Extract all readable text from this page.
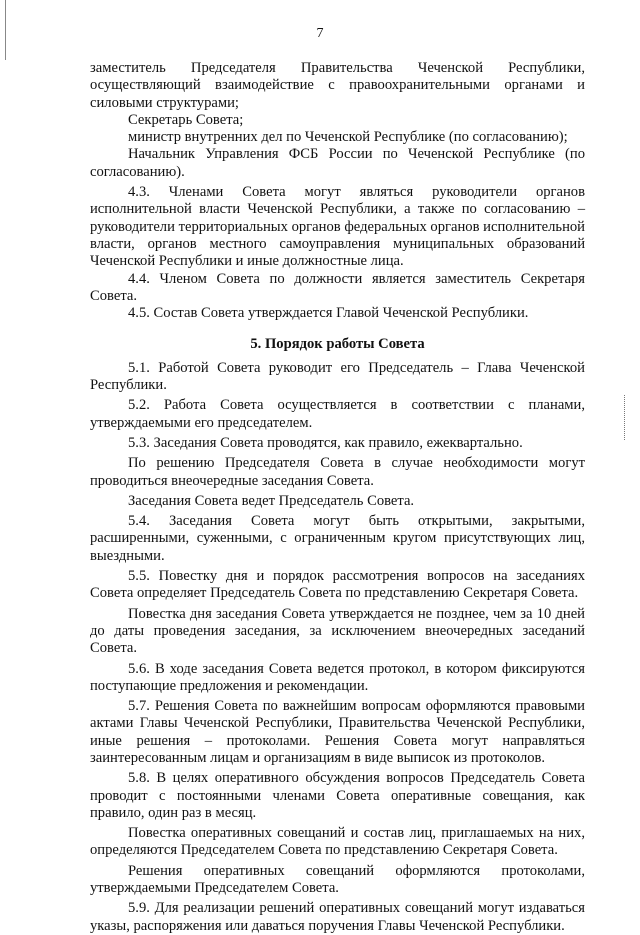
7

заместитель Председателя Правительства Чеченской Республики, осуществляющий взаимодействие с правоохранительными органами и силовыми структурами;

Секретарь Совета;

министр внутренних дел по Чеченской Республике (по согласованию);

Начальник Управления ФСБ России по Чеченской Республике (по согласованию).

4.3. Членами Совета могут являться руководители органов исполнительной власти Чеченской Республики, а также по согласованию – руководители территориальных органов федеральных органов исполнительной власти, органов местного самоуправления муниципальных образований Чеченской Республики и иные должностные лица.

4.4. Членом Совета по должности является заместитель Секретаря Совета.

4.5. Состав Совета утверждается Главой Чеченской Республики.

5. Порядок работы Совета

5.1. Работой Совета руководит его Председатель – Глава Чеченской Республики.

5.2. Работа Совета осуществляется в соответствии с планами, утверждаемыми его председателем.

5.3. Заседания Совета проводятся, как правило, ежеквартально.

По решению Председателя Совета в случае необходимости могут проводиться внеочередные заседания Совета.

Заседания Совета ведет Председатель Совета.

5.4. Заседания Совета могут быть открытыми, закрытыми, расширенными, суженными, с ограниченным кругом присутствующих лиц, выездными.

5.5. Повестку дня и порядок рассмотрения вопросов на заседаниях Совета определяет Председатель Совета по представлению Секретаря Совета.

Повестка дня заседания Совета утверждается не позднее, чем за 10 дней до даты проведения заседания, за исключением внеочередных заседаний Совета.

5.6. В ходе заседания Совета ведется протокол, в котором фиксируются поступающие предложения и рекомендации.

5.7. Решения Совета по важнейшим вопросам оформляются правовыми актами Главы Чеченской Республики, Правительства Чеченской Республики, иные решения – протоколами. Решения Совета могут направляться заинтересованным лицам и организациям в виде выписок из протоколов.

5.8. В целях оперативного обсуждения вопросов Председатель Совета проводит с постоянными членами Совета оперативные совещания, как правило, один раз в месяц.

Повестка оперативных совещаний и состав лиц, приглашаемых на них, определяются Председателем Совета по представлению Секретаря Совета.

Решения оперативных совещаний оформляются протоколами, утверждаемыми Председателем Совета.

5.9. Для реализации решений оперативных совещаний могут издаваться указы, распоряжения или даваться поручения Главы Чеченской Республики.
